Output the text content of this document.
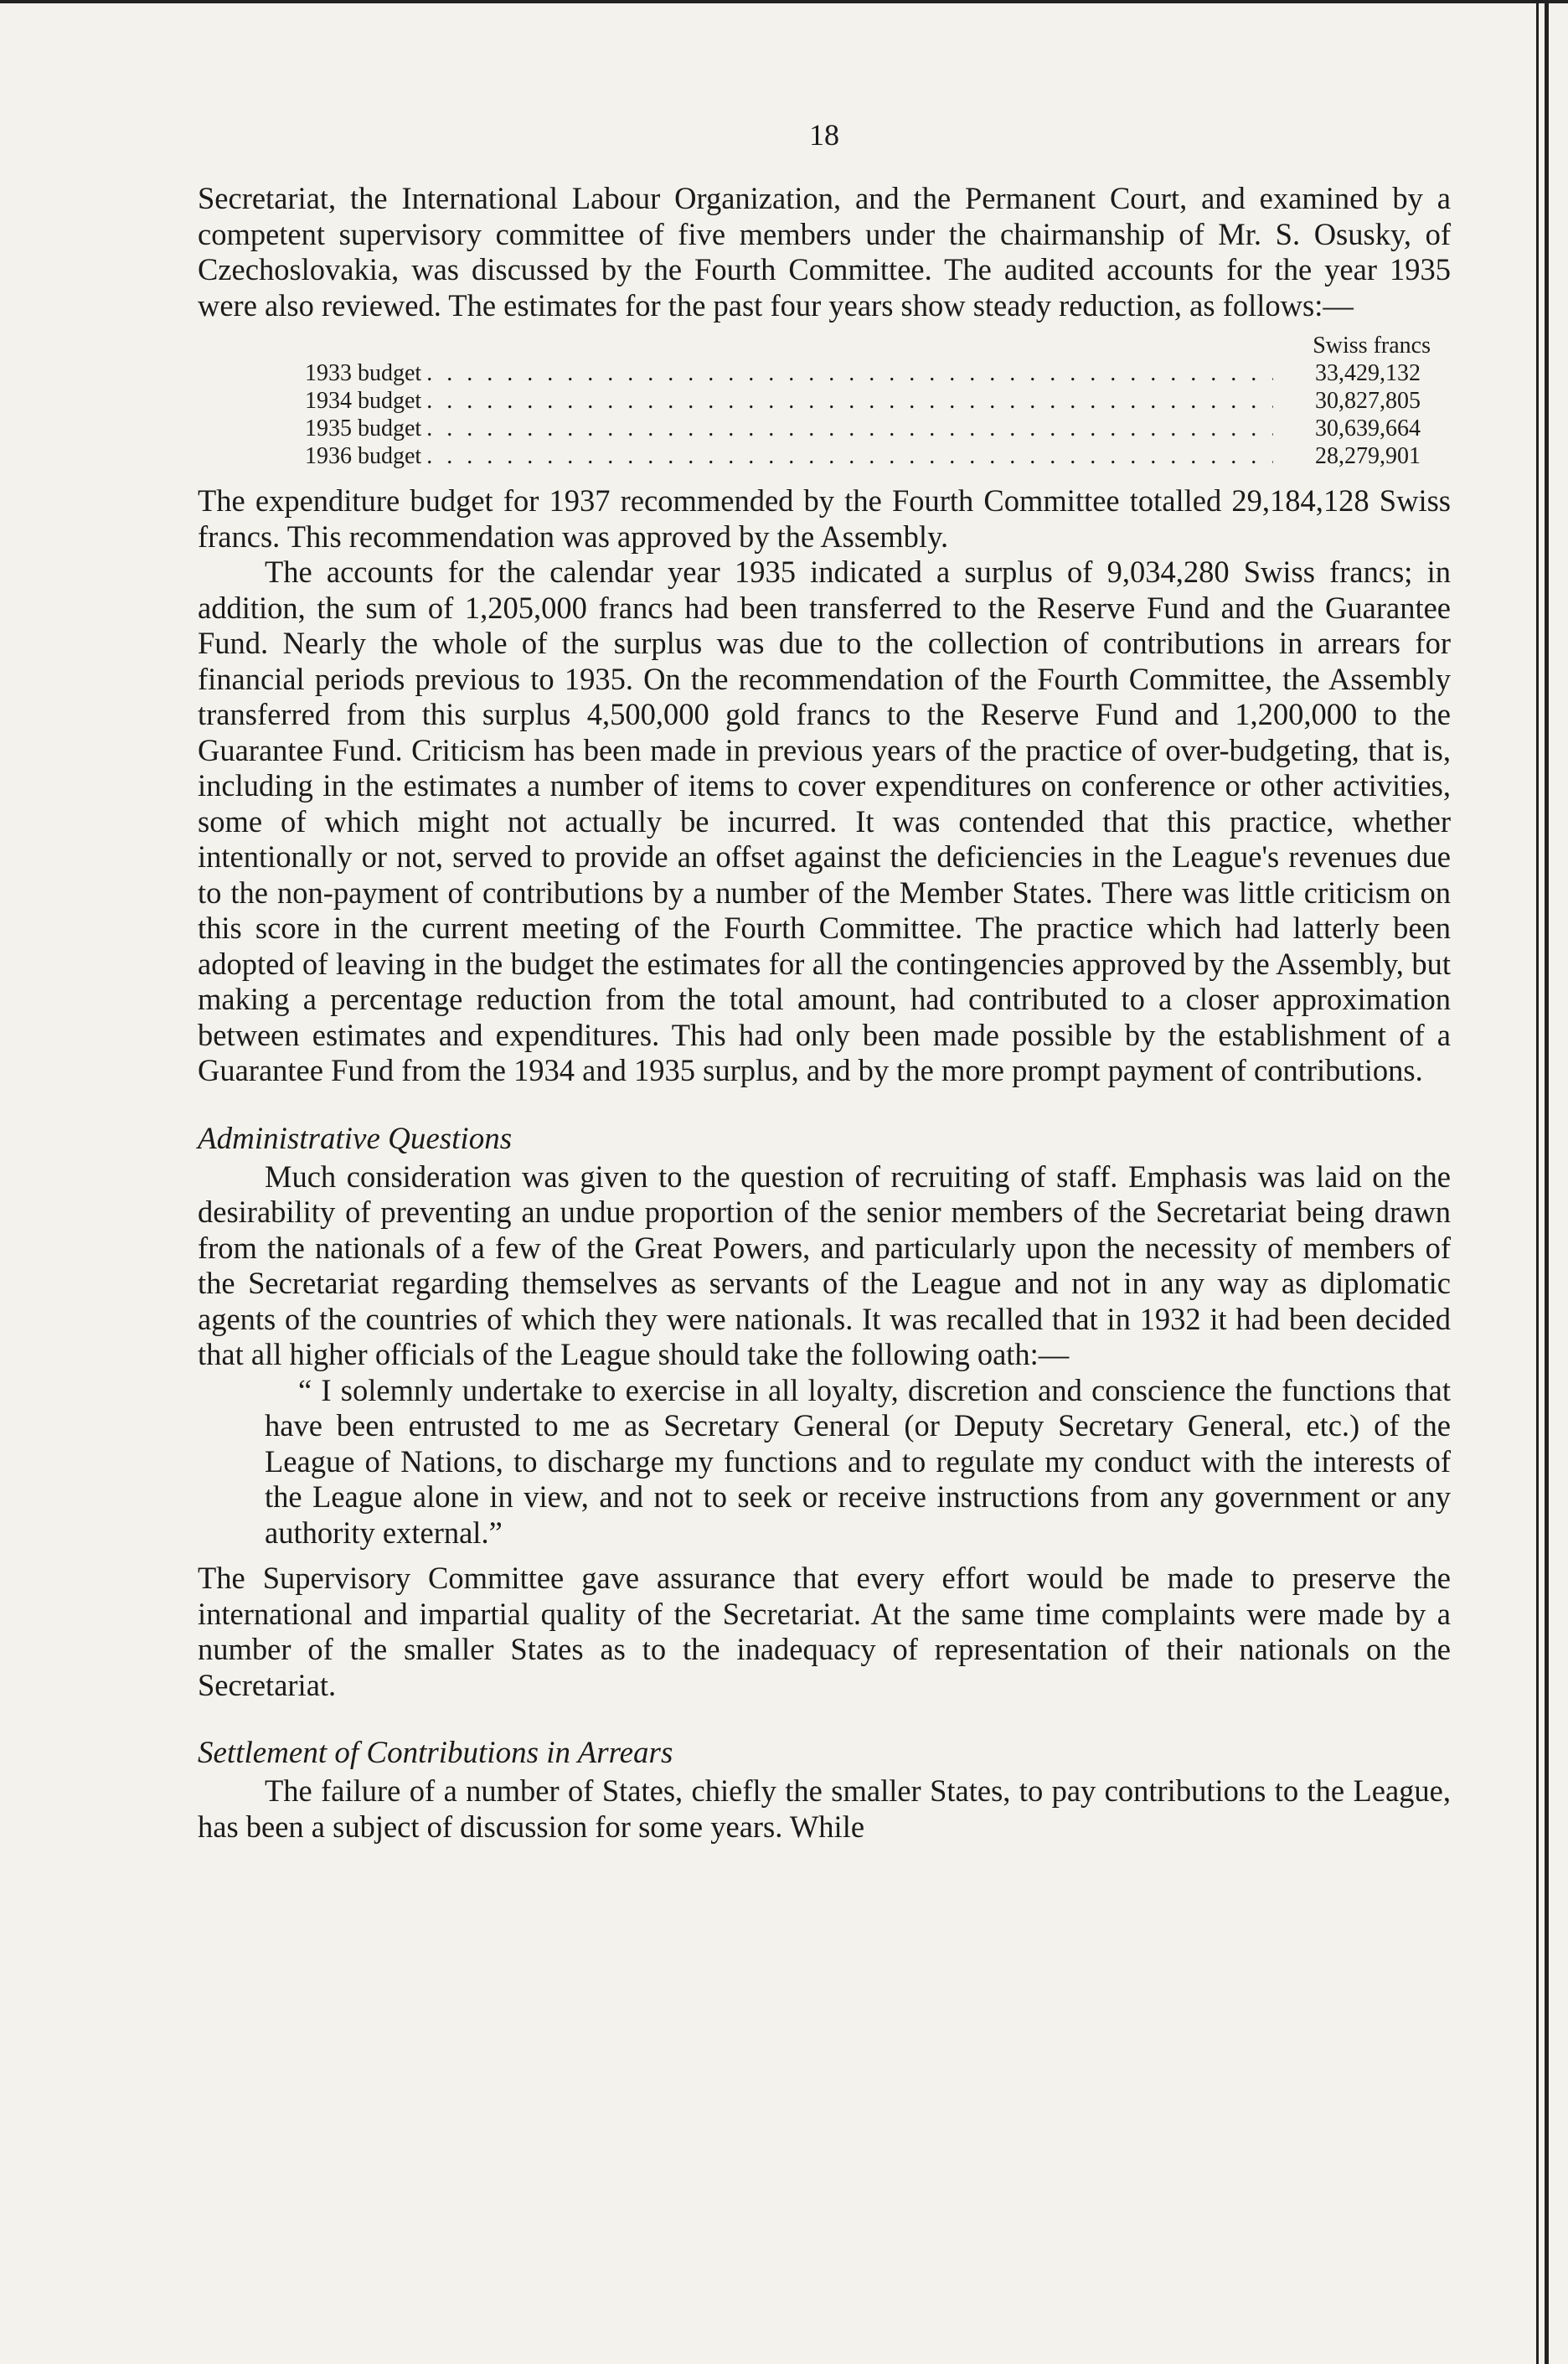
18

Secretariat, the International Labour Organization, and the Permanent Court, and examined by a competent supervisory committee of five members under the chairmanship of Mr. S. Osusky, of Czechoslovakia, was discussed by the Fourth Committee. The audited accounts for the year 1935 were also reviewed. The estimates for the past four years show steady reduction, as follows:—

Swiss francs
1933 budget . . .	33,429,132
1934 budget . . .	30,827,805
1935 budget . . .	30,639,664
1936 budget . . .	28,279,901

The expenditure budget for 1937 recommended by the Fourth Committee totalled 29,184,128 Swiss francs. This recommendation was approved by the Assembly.

The accounts for the calendar year 1935 indicated a surplus of 9,034,280 Swiss francs; in addition, the sum of 1,205,000 francs had been transferred to the Reserve Fund and the Guarantee Fund. Nearly the whole of the surplus was due to the collection of contributions in arrears for financial periods previous to 1935. On the recommendation of the Fourth Committee, the Assembly transferred from this surplus 4,500,000 gold francs to the Reserve Fund and 1,200,000 to the Guarantee Fund. Criticism has been made in previous years of the practice of over-budgeting, that is, including in the estimates a number of items to cover expenditures on conference or other activities, some of which might not actually be incurred. It was contended that this practice, whether intentionally or not, served to provide an offset against the deficiencies in the League's revenues due to the non-payment of contributions by a number of the Member States. There was little criticism on this score in the current meeting of the Fourth Committee. The practice which had latterly been adopted of leaving in the budget the estimates for all the contingencies approved by the Assembly, but making a percentage reduction from the total amount, had contributed to a closer approximation between estimates and expenditures. This had only been made possible by the establishment of a Guarantee Fund from the 1934 and 1935 surplus, and by the more prompt payment of contributions.

Administrative Questions

Much consideration was given to the question of recruiting of staff. Emphasis was laid on the desirability of preventing an undue proportion of the senior members of the Secretariat being drawn from the nationals of a few of the Great Powers, and particularly upon the necessity of members of the Secretariat regarding themselves as servants of the League and not in any way as diplomatic agents of the countries of which they were nationals. It was recalled that in 1932 it had been decided that all higher officials of the League should take the following oath:—

“ I solemnly undertake to exercise in all loyalty, discretion and conscience the functions that have been entrusted to me as Secretary General (or Deputy Secretary General, etc.) of the League of Nations, to discharge my functions and to regulate my conduct with the interests of the League alone in view, and not to seek or receive instructions from any government or any authority external.”

The Supervisory Committee gave assurance that every effort would be made to preserve the international and impartial quality of the Secretariat. At the same time complaints were made by a number of the smaller States as to the inadequacy of representation of their nationals on the Secretariat.

Settlement of Contributions in Arrears

The failure of a number of States, chiefly the smaller States, to pay contributions to the League, has been a subject of discussion for some years. While
